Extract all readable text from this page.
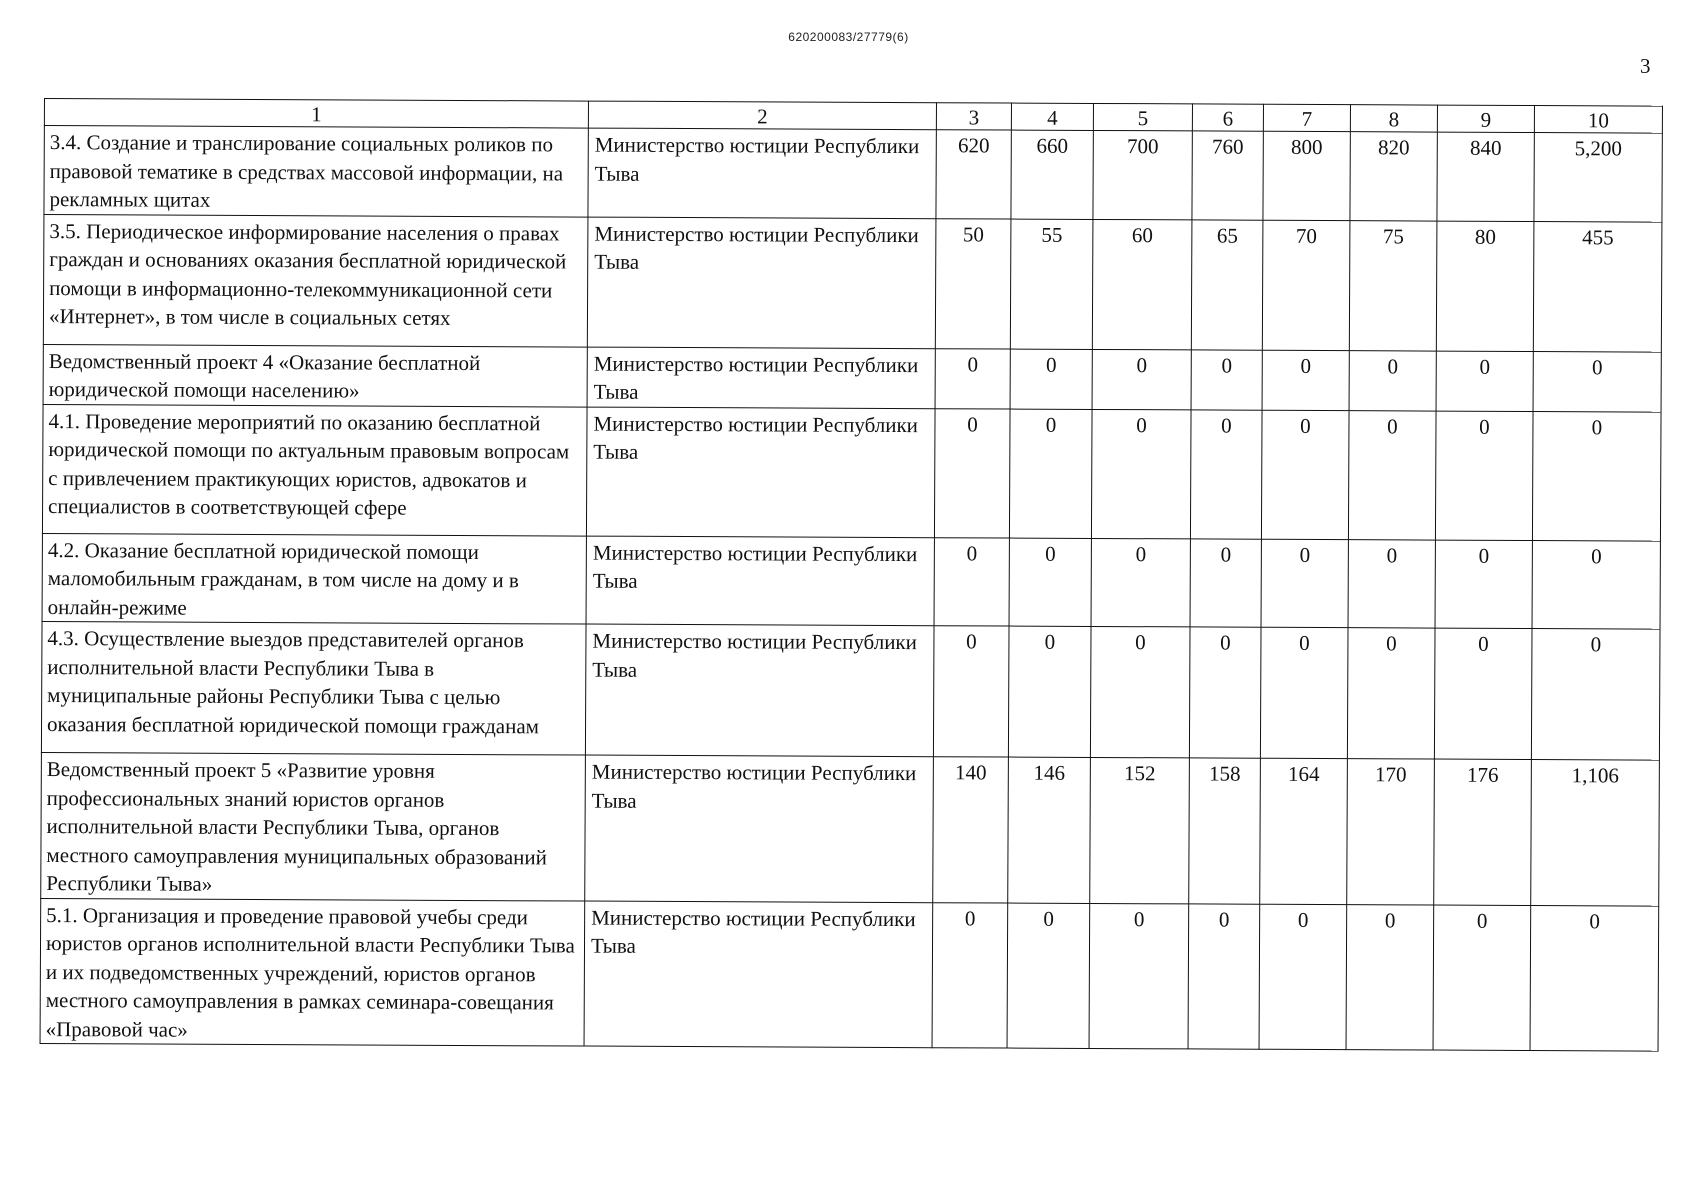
620200083/27779(6)
3
1	2	3	4	5	6	7	8	9	10
3.4. Создание и транслирование социальных роликов по правовой тематике в средствах массовой информации, на рекламных щитах	Министерство юстиции Республики Тыва	620	660	700	760	800	820	840	5,200
3.5. Периодическое информирование населения о правах граждан и основаниях оказания бесплатной юридической помощи в информационно-телекоммуникационной сети «Интернет», в том числе в социальных сетях	Министерство юстиции Республики Тыва	50	55	60	65	70	75	80	455
Ведомственный проект 4 «Оказание бесплатной юридической помощи населению»	Министерство юстиции Республики Тыва	0	0	0	0	0	0	0	0
4.1. Проведение мероприятий по оказанию бесплатной юридической помощи по актуальным правовым вопросам с привлечением практикующих юристов, адвокатов и специалистов в соответствующей сфере	Министерство юстиции Республики Тыва	0	0	0	0	0	0	0	0
4.2. Оказание бесплатной юридической помощи маломобильным гражданам, в том числе на дому и в онлайн-режиме	Министерство юстиции Республики Тыва	0	0	0	0	0	0	0	0
4.3. Осуществление выездов представителей органов исполнительной власти Республики Тыва в муниципальные районы Республики Тыва с целью оказания бесплатной юридической помощи гражданам	Министерство юстиции Республики Тыва	0	0	0	0	0	0	0	0
Ведомственный проект 5 «Развитие уровня профессиональных знаний юристов органов исполнительной власти Республики Тыва, органов местного самоуправления муниципальных образований Республики Тыва»	Министерство юстиции Республики Тыва	140	146	152	158	164	170	176	1,106
5.1. Организация и проведение правовой учебы среди юристов органов исполнительной власти Республики Тыва и их подведомственных учреждений, юристов органов местного самоуправления в рамках семинара-совещания «Правовой час»	Министерство юстиции Республики Тыва	0	0	0	0	0	0	0	0
